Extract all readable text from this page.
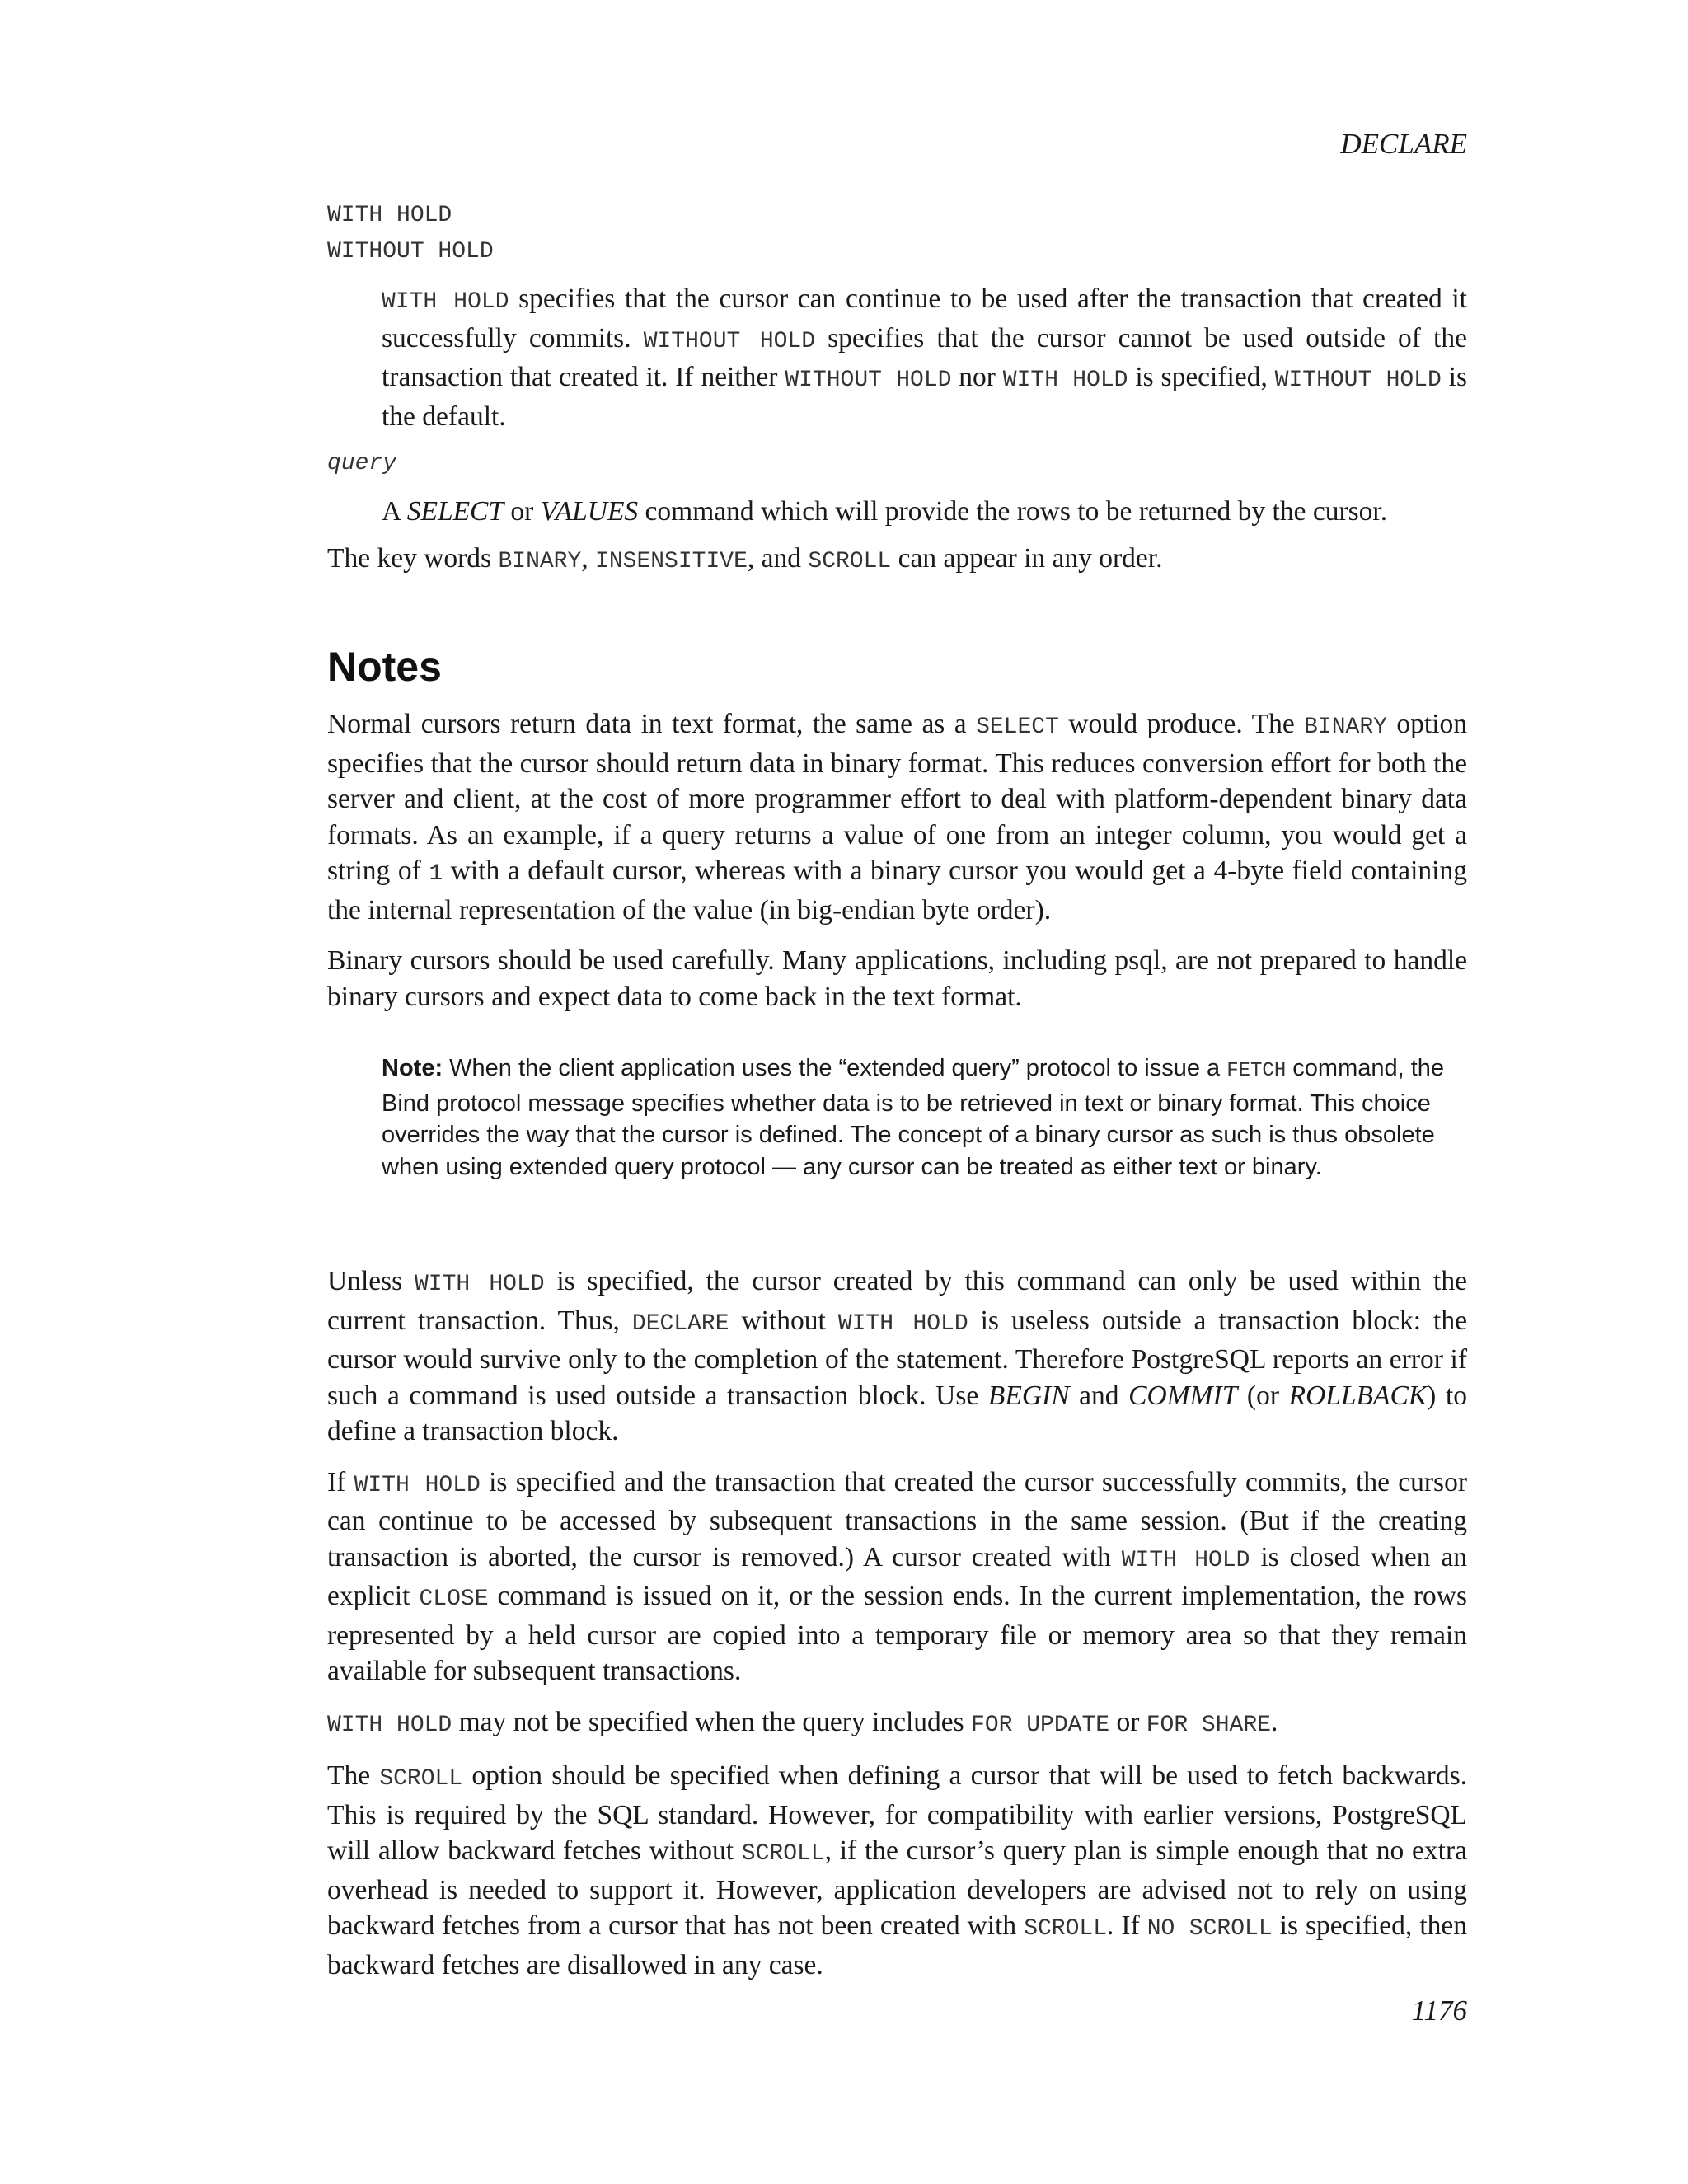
DECLARE
WITH HOLD
WITHOUT HOLD
WITH HOLD specifies that the cursor can continue to be used after the transaction that created it successfully commits. WITHOUT HOLD specifies that the cursor cannot be used outside of the transaction that created it. If neither WITHOUT HOLD nor WITH HOLD is specified, WITHOUT HOLD is the default.
query
A SELECT or VALUES command which will provide the rows to be returned by the cursor.

The key words BINARY, INSENSITIVE, and SCROLL can appear in any order.

Notes

Normal cursors return data in text format, the same as a SELECT would produce. The BINARY option specifies that the cursor should return data in binary format. This reduces conversion effort for both the server and client, at the cost of more programmer effort to deal with platform-dependent binary data formats. As an example, if a query returns a value of one from an integer column, you would get a string of 1 with a default cursor, whereas with a binary cursor you would get a 4-byte field containing the internal representation of the value (in big-endian byte order).

Binary cursors should be used carefully. Many applications, including psql, are not prepared to handle binary cursors and expect data to come back in the text format.

Note: When the client application uses the “extended query” protocol to issue a FETCH command, the Bind protocol message specifies whether data is to be retrieved in text or binary format. This choice overrides the way that the cursor is defined. The concept of a binary cursor as such is thus obsolete when using extended query protocol — any cursor can be treated as either text or binary.

Unless WITH HOLD is specified, the cursor created by this command can only be used within the current transaction. Thus, DECLARE without WITH HOLD is useless outside a transaction block: the cursor would survive only to the completion of the statement. Therefore PostgreSQL reports an error if such a command is used outside a transaction block. Use BEGIN and COMMIT (or ROLLBACK) to define a transaction block.

If WITH HOLD is specified and the transaction that created the cursor successfully commits, the cursor can continue to be accessed by subsequent transactions in the same session. (But if the creating transaction is aborted, the cursor is removed.) A cursor created with WITH HOLD is closed when an explicit CLOSE command is issued on it, or the session ends. In the current implementation, the rows represented by a held cursor are copied into a temporary file or memory area so that they remain available for subsequent transactions.

WITH HOLD may not be specified when the query includes FOR UPDATE or FOR SHARE.

The SCROLL option should be specified when defining a cursor that will be used to fetch backwards. This is required by the SQL standard. However, for compatibility with earlier versions, PostgreSQL will allow backward fetches without SCROLL, if the cursor’s query plan is simple enough that no extra overhead is needed to support it. However, application developers are advised not to rely on using backward fetches from a cursor that has not been created with SCROLL. If NO SCROLL is specified, then backward fetches are disallowed in any case.

1176
